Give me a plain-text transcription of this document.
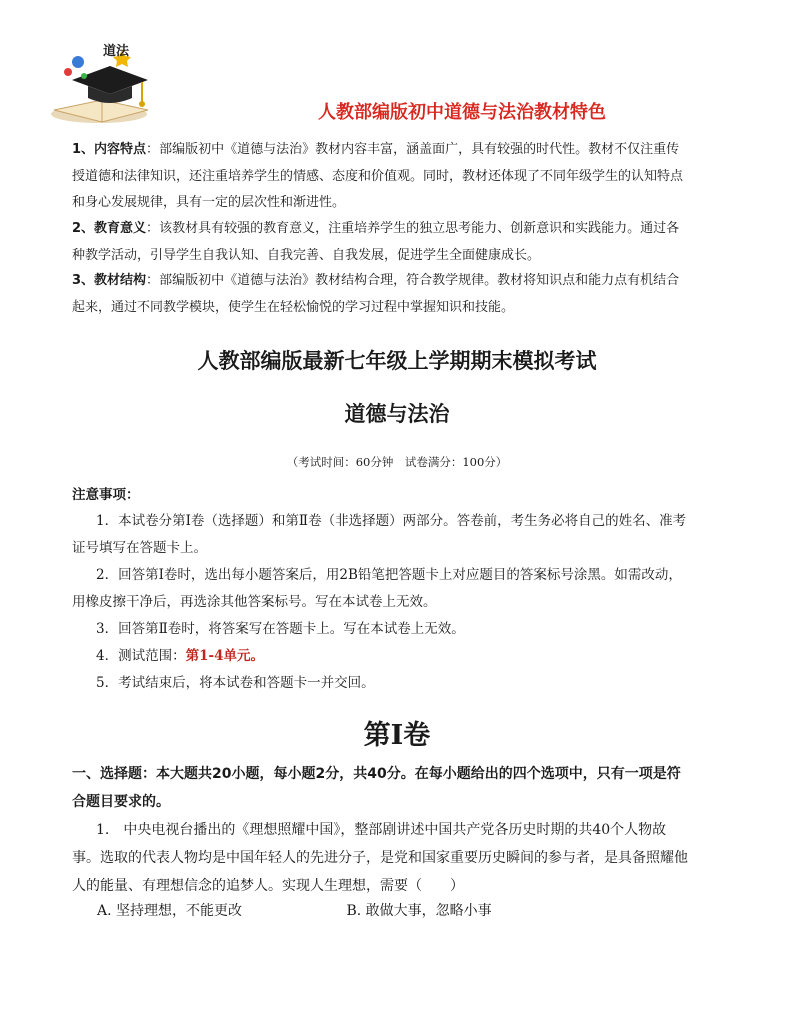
道法
人教部编版初中道德与法治教材特色

1、内容特点：部编版初中《道德与法治》教材内容丰富，涵盖面广，具有较强的时代性。教材不仅注重传授道德和法律知识，还注重培养学生的情感、态度和价值观。同时，教材还体现了不同年级学生的认知特点和身心发展规律，具有一定的层次性和渐进性。

2、教育意义：该教材具有较强的教育意义，注重培养学生的独立思考能力、创新意识和实践能力。通过各种教学活动，引导学生自我认知、自我完善、自我发展，促进学生全面健康成长。

3、教材结构：部编版初中《道德与法治》教材结构合理，符合教学规律。教材将知识点和能力点有机结合起来，通过不同教学模块，使学生在轻松愉悦的学习过程中掌握知识和技能。

人教部编版最新七年级上学期期末模拟考试
道德与法治
（考试时间：60分钟　试卷满分：100分）
注意事项：

1．本试卷分第Ⅰ卷（选择题）和第Ⅱ卷（非选择题）两部分。答卷前，考生务必将自己的姓名、准考证号填写在答题卡上。

2．回答第Ⅰ卷时，选出每小题答案后，用2B铅笔把答题卡上对应题目的答案标号涂黑。如需改动，用橡皮擦干净后，再选涂其他答案标号。写在本试卷上无效。

3．回答第Ⅱ卷时，将答案写在答题卡上。写在本试卷上无效。

4．测试范围：第1-4单元。

5．考试结束后，将本试卷和答题卡一并交回。

第Ⅰ卷
一、选择题：本大题共20小题，每小题2分，共40分。在每小题给出的四个选项中，只有一项是符合题目要求的。

1.　中央电视台播出的《理想照耀中国》，整部剧讲述中国共产党各历史时期的共40个人物故事。选取的代表人物均是中国年轻人的先进分子，是党和国家重要历史瞬间的参与者，是具备照耀他人的能量、有理想信念的追梦人。实现人生理想，需要（　　）

A. 坚持理想，不能更改	B. 敢做大事，忽略小事
